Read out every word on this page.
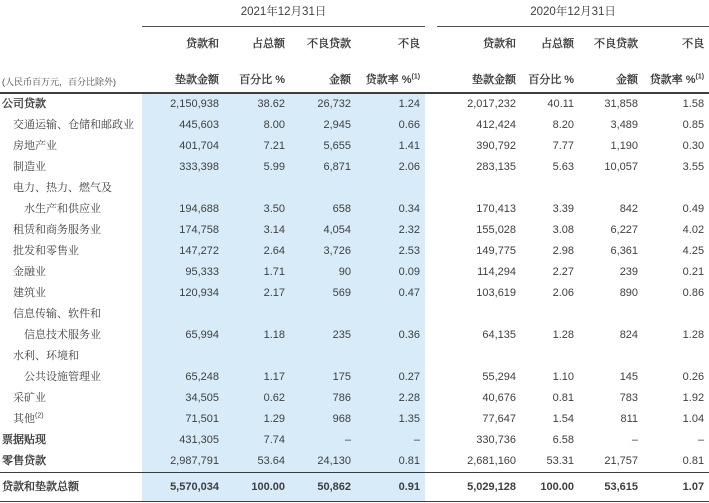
	2021年12月31日					2020年12月31日			
	贷款和	占总额	不良贷款	不良		贷款和	占总额	不良贷款	不良
(人民币百万元，百分比除外)	垫款金额	百分比 %	金额	贷款率 %$^{(1)}$		垫款金额	百分比 %	金额	贷款率 %$^{(1)}$
公司贷款	2,150,938	38.62	26,732	1.24		2,017,232	40.11	31,858	1.58
交通运输、仓储和邮政业	445,603	8.00	2,945	0.66		412,424	8.20	3,489	0.85
房地产业	401,704	7.21	5,655	1.41		390,792	7.77	1,190	0.30
制造业	333,398	5.99	6,871	2.06		283,135	5.63	10,057	3.55
电力、热力、燃气及									
水生产和供应业	194,688	3.50	658	0.34		170,413	3.39	842	0.49
租赁和商务服务业	174,758	3.14	4,054	2.32		155,028	3.08	6,227	4.02
批发和零售业	147,272	2.64	3,726	2.53		149,775	2.98	6,361	4.25
金融业	95,333	1.71	90	0.09		114,294	2.27	239	0.21
建筑业	120,934	2.17	569	0.47		103,619	2.06	890	0.86
信息传输、软件和									
信息技术服务业	65,994	1.18	235	0.36		64,135	1.28	824	1.28
水利、环境和									
公共设施管理业	65,248	1.17	175	0.27		55,294	1.10	145	0.26
采矿业	34,505	0.62	786	2.28		40,676	0.81	783	1.92
其他$^{(2)}$	71,501	1.29	968	1.35		77,647	1.54	811	1.04
票据贴现	431,305	7.74	–	–		330,736	6.58	–	–
零售贷款	2,987,791	53.64	24,130	0.81		2,681,160	53.31	21,757	0.81
贷款和垫款总额	5,570,034	100.00	50,862	0.91		5,029,128	100.00	53,615	1.07
